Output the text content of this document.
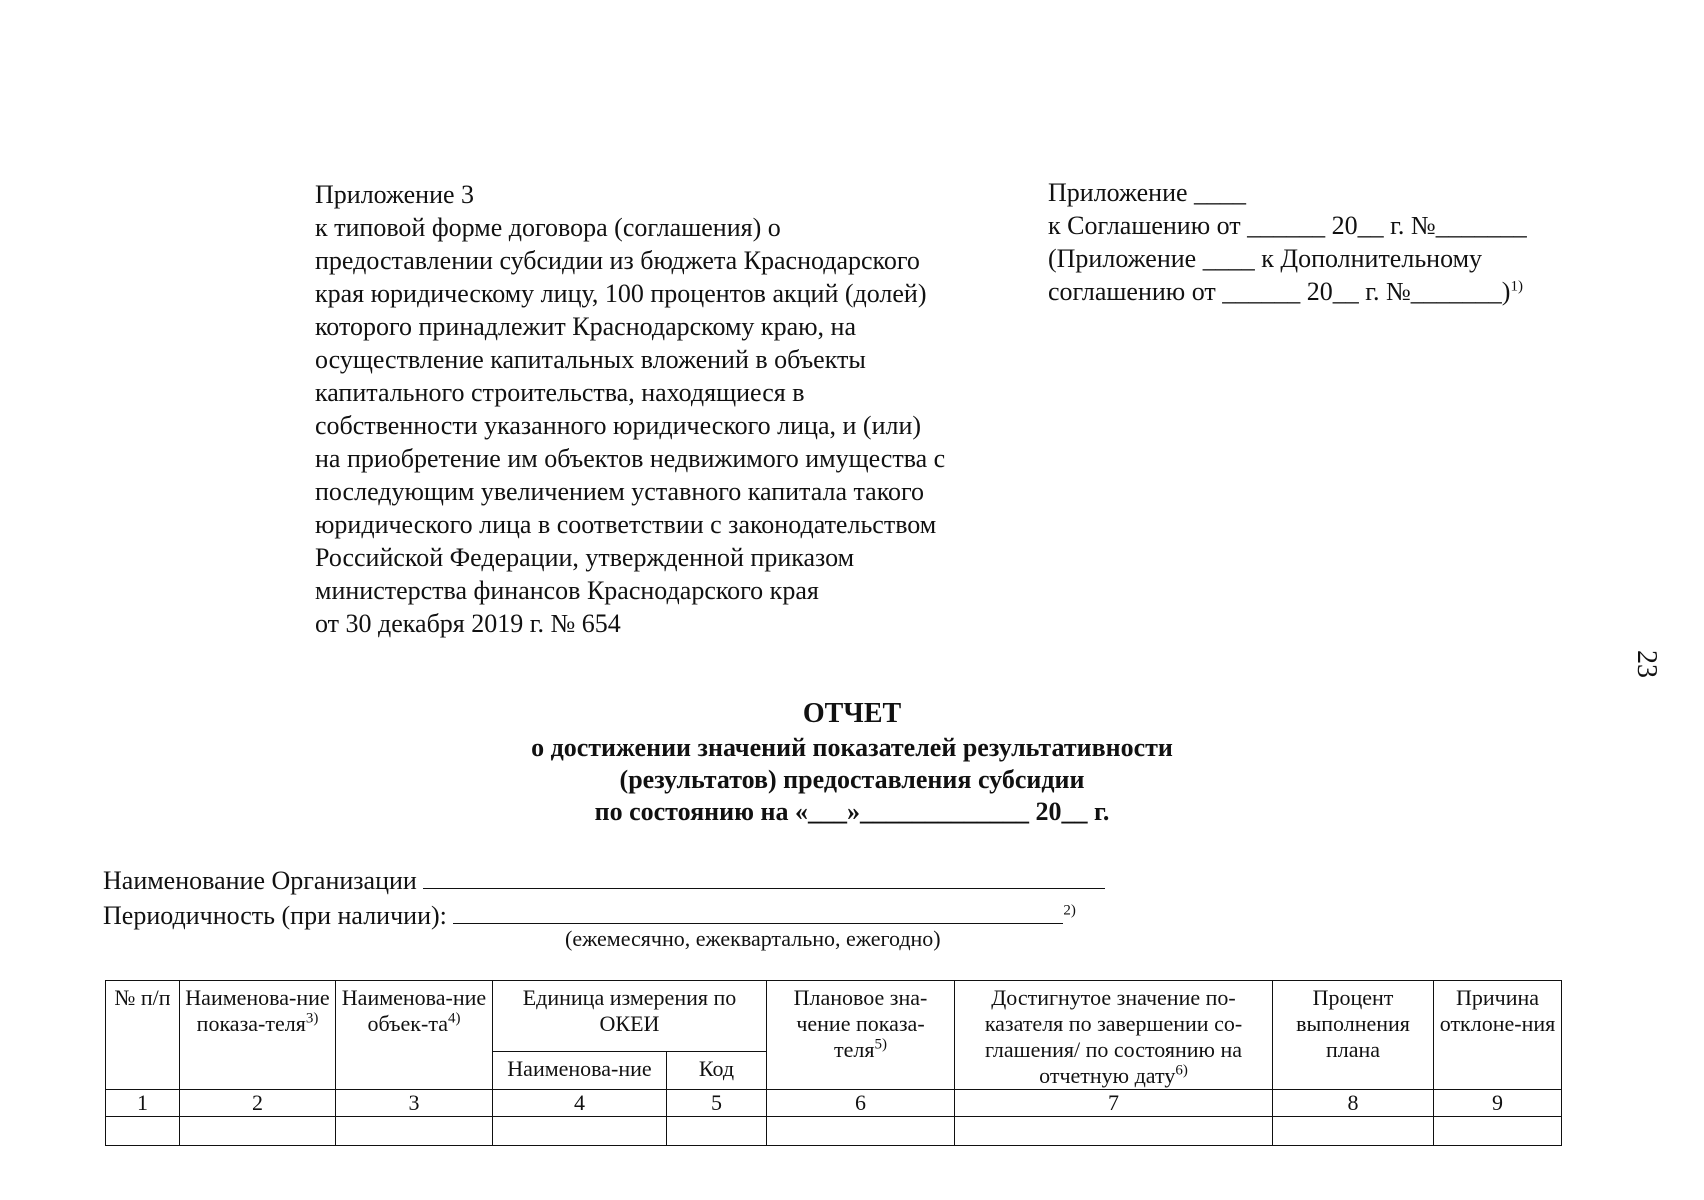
Приложение 3
к типовой форме договора (соглашения) о
предоставлении субсидии из бюджета Краснодарского
края юридическому лицу, 100 процентов акций (долей)
которого принадлежит Краснодарскому краю, на
осуществление капитальных вложений в объекты
капитального строительства, находящиеся в
собственности указанного юридического лица, и (или)
на приобретение им объектов недвижимого имущества с
последующим увеличением уставного капитала такого
юридического лица в соответствии с законодательством
Российской Федерации, утвержденной приказом
министерства финансов Краснодарского края
от 30 декабря 2019 г. № 654
Приложение ____
к Соглашению от ______ 20__ г. №_______
(Приложение ____ к Дополнительному
соглашению от ______ 20__ г. №_______)$^{1)}$
23
ОТЧЕТ
о достижении значений показателей результативности
(результатов) предоставления субсидии
по состоянию на «___»_____________ 20__ г.
Наименование Организации
Периодичность (при наличии):	$^{2)}$
(ежемесячно, ежеквартально, ежегодно)
№ п/п	Наименова-ние показа-теля$^{3)}$	Наименова-ние объек-$та^{4)}$	Единица измерения по ОКЕИ		Плановое зна-чение показа-теля$^{5)}$	Достигнутое значение по-казателя по завершении со-глашения/ по состоянию на отчетную дату$^{6)}$	Процент выполнения плана	Причина отклоне-ния
			Наименова-ние	Код				
1	2	3	4	5	6	7	8	9
